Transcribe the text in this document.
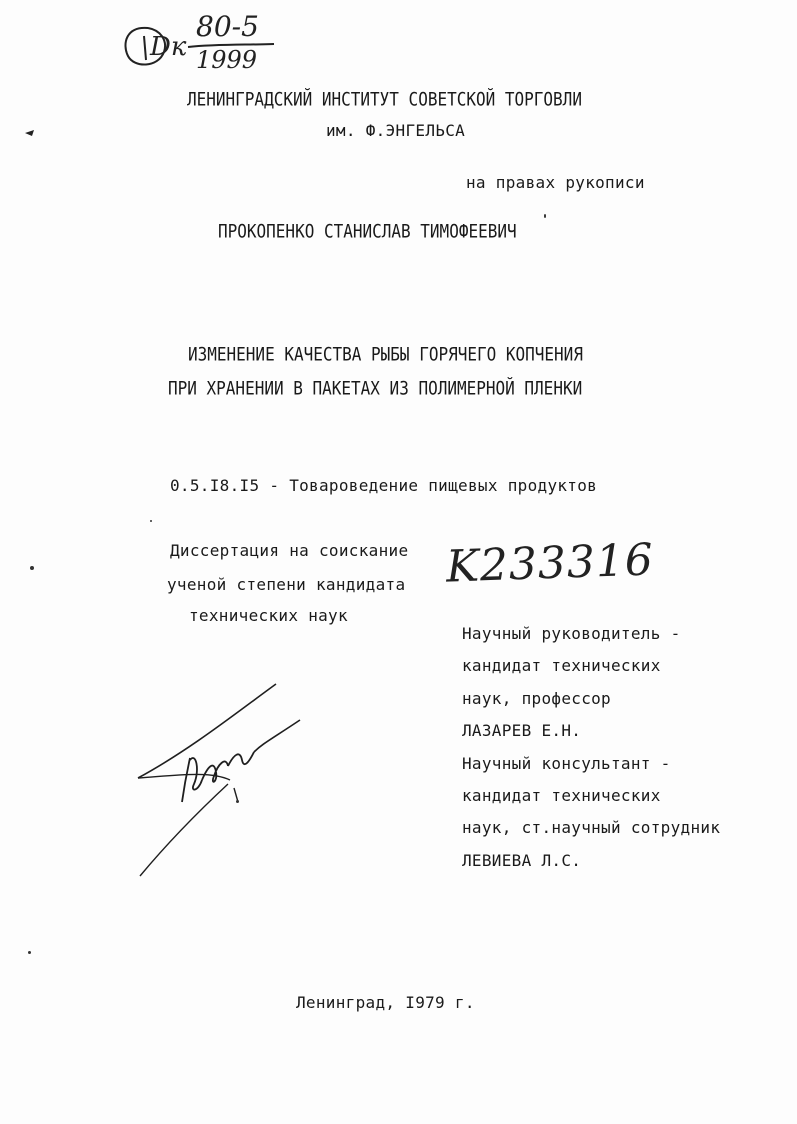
Dк
80-5
1999
ЛЕНИНГРАДСКИЙ ИНСТИТУТ СОВЕТСКОЙ ТОРГОВЛИ
им. Ф.ЭНГЕЛЬСА
на правах рукописи
ПРОКОПЕНКО СТАНИСЛАВ ТИМОФЕЕВИЧ
ИЗМЕНЕНИЕ КАЧЕСТВА РЫБЫ ГОРЯЧЕГО КОПЧЕНИЯ
ПРИ ХРАНЕНИИ В ПАКЕТАХ ИЗ ПОЛИМЕРНОЙ ПЛЕНКИ
0.5.I8.I5 - Товароведение пищевых продуктов
Диссертация на соискание
ученой степени кандидата
технических наук
K233316
Научный руководитель -
кандидат технических
наук, профессор
ЛАЗАРЕВ Е.Н.
Научный консультант -
кандидат технических
наук, ст.научный сотрудник
ЛЕВИЕВА Л.С.
Ленинград, I979 г.
